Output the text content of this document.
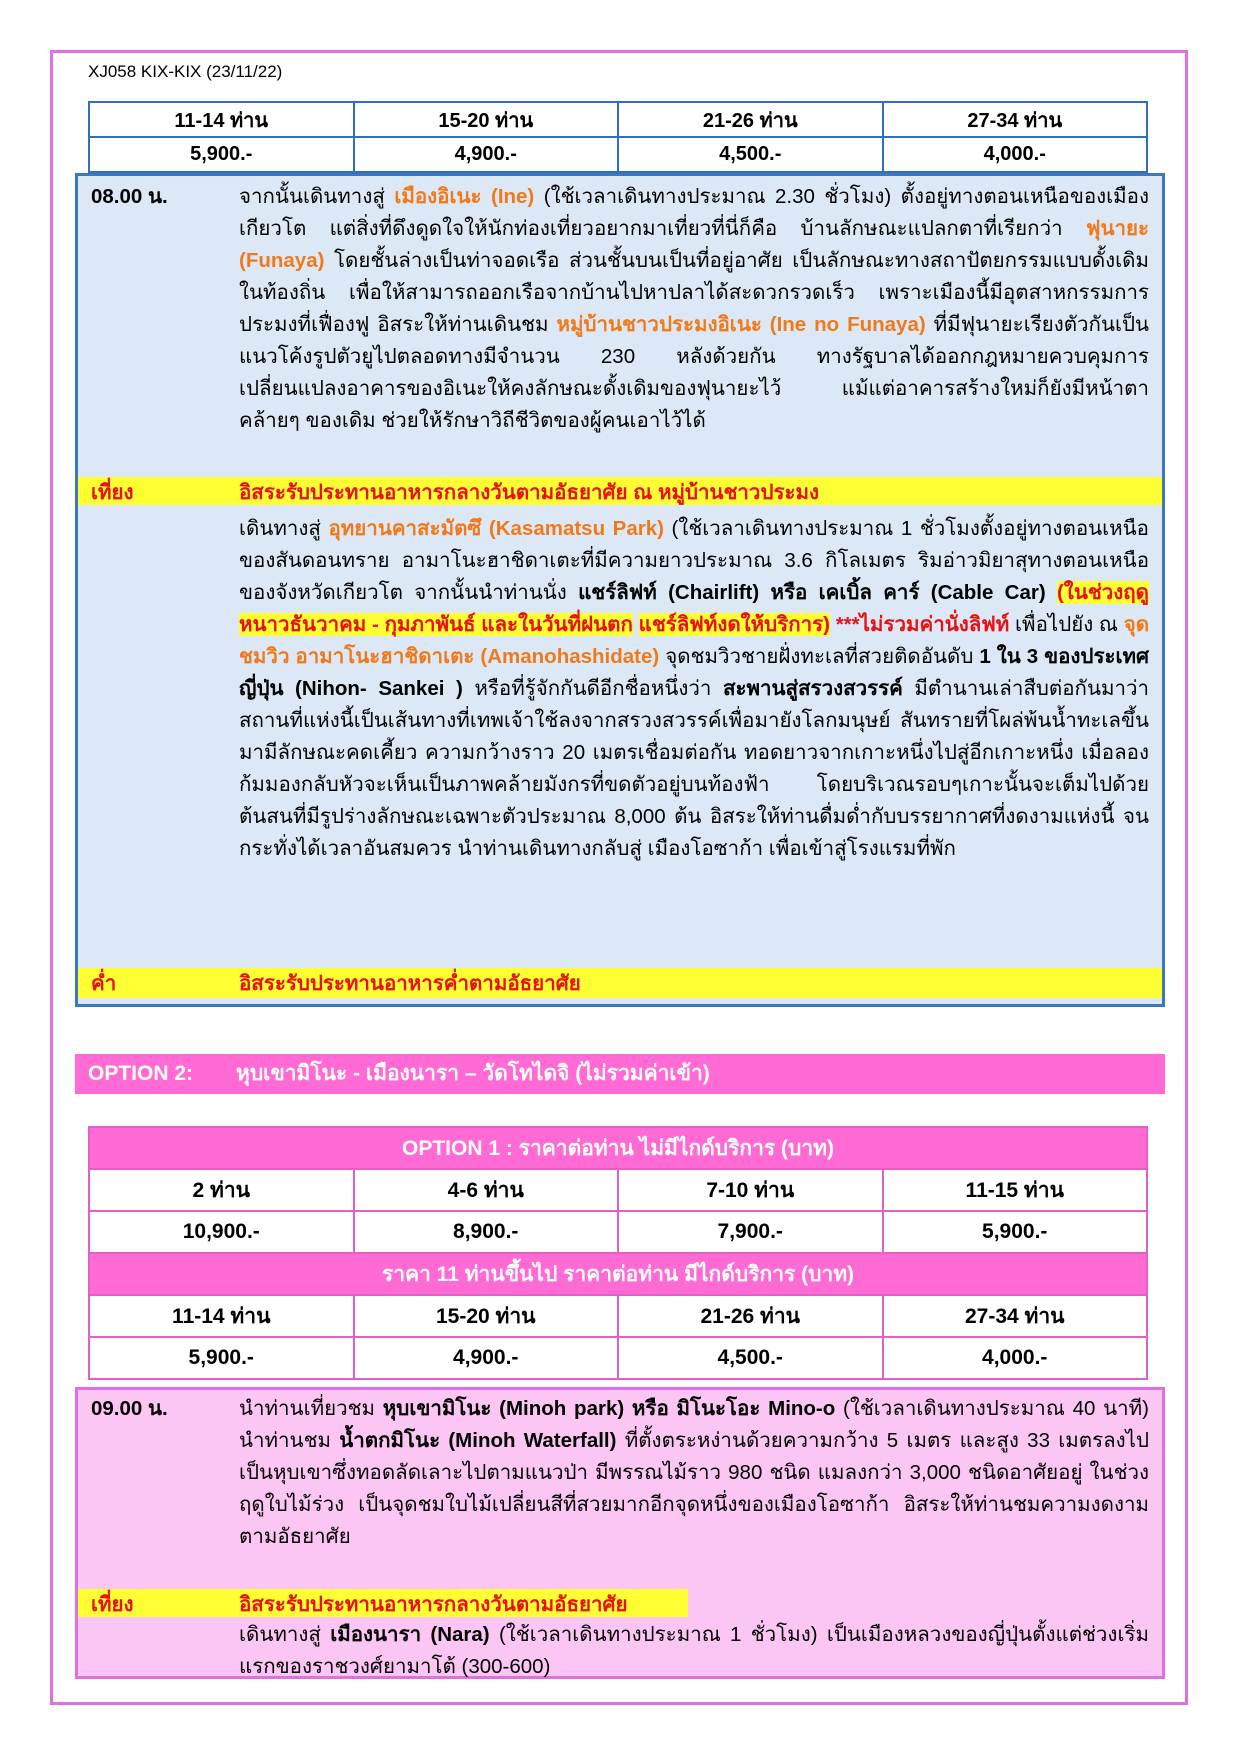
XJ058 KIX-KIX (23/11/22)
11-14 ท่าน	15-20 ท่าน	21-26 ท่าน	27-34 ท่าน
5,900.-	4,900.-	4,500.-	4,000.-
08.00 น.	จากนั้นเดินทางสู่ เมืองอิเนะ (Ine) (ใช้เวลาเดินทางประมาณ 2.30 ชั่วโมง) ตั้งอยู่ทางตอนเหนือของเมืองเกียวโต แต่สิ่งที่ดึงดูดใจให้นักท่องเที่ยวอยากมาเที่ยวที่นี่ก็คือ บ้านลักษณะแปลกตาที่เรียกว่า ฟุนายะ (Funaya) โดยชั้นล่างเป็นท่าจอดเรือ ส่วนชั้นบนเป็นที่อยู่อาศัย เป็นลักษณะทางสถาปัตยกรรมแบบดั้งเดิมในท้องถิ่น เพื่อให้สามารถออกเรือจากบ้านไปหาปลาได้สะดวกรวดเร็ว เพราะเมืองนี้มีอุตสาหกรรมการประมงที่เฟื่องฟู อิสระให้ท่านเดินชม หมู่บ้านชาวประมงอิเนะ (Ine no Funaya) ที่มีฟุนายะเรียงตัวกันเป็นแนวโค้งรูปตัวยูไปตลอดทางมีจำนวน 230 หลังด้วยกัน ทางรัฐบาลได้ออกกฎหมายควบคุมการเปลี่ยนแปลงอาคารของอิเนะให้คงลักษณะดั้งเดิมของฟุนายะไว้ แม้แต่อาคารสร้างใหม่ก็ยังมีหน้าตาคล้ายๆ ของเดิม ช่วยให้รักษาวิถีชีวิตของผู้คนเอาไว้ได้
เที่ยง	อิสระรับประทานอาหารกลางวันตามอัธยาศัย ณ หมู่บ้านชาวประมง
เดินทางสู่ อุทยานคาสะมัตซึ (Kasamatsu Park) (ใช้เวลาเดินทางประมาณ 1 ชั่วโมงตั้งอยู่ทางตอนเหนือของสันดอนทราย อามาโนะฮาชิดาเตะที่มีความยาวประมาณ 3.6 กิโลเมตร ริมอ่าวมิยาสุทางตอนเหนือของจังหวัดเกียวโต จากนั้นนำท่านนั่ง แชร์ลิฟท์ (Chairlift) หรือ เคเบิ้ล คาร์ (Cable Car) (ในช่วงฤดูหนาวธันวาคม - กุมภาพันธ์ และในวันที่ฝนตก แชร์ลิฟท์งดให้บริการ) ***ไม่รวมค่านั่งลิฟท์ เพื่อไปยัง ณ จุดชมวิว อามาโนะฮาชิดาเตะ (Amanohashidate) จุดชมวิวชายฝั่งทะเลที่สวยติดอันดับ 1 ใน 3 ของประเทศญี่ปุ่น (Nihon- Sankei ) หรือที่รู้จักกันดีอีกชื่อหนึ่งว่า สะพานสู่สรวงสวรรค์ มีตำนานเล่าสืบต่อกันมาว่าสถานที่แห่งนี้เป็นเส้นทางที่เทพเจ้าใช้ลงจากสรวงสวรรค์เพื่อมายังโลกมนุษย์ สันทรายที่โผล่พ้นน้ำทะเลขึ้นมามีลักษณะคดเคี้ยว ความกว้างราว 20 เมตรเชื่อมต่อกัน ทอดยาวจากเกาะหนึ่งไปสู่อีกเกาะหนึ่ง เมื่อลองก้มมองกลับหัวจะเห็นเป็นภาพคล้ายมังกรที่ขดตัวอยู่บนท้องฟ้า โดยบริเวณรอบๆเกาะนั้นจะเต็มไปด้วยต้นสนที่มีรูปร่างลักษณะเฉพาะตัวประมาณ 8,000 ต้น อิสระให้ท่านดื่มด่ำกับบรรยากาศที่งดงามแห่งนี้ จนกระทั่งได้เวลาอันสมควร นำท่านเดินทางกลับสู่ เมืองโอซาก้า เพื่อเข้าสู่โรงแรมที่พัก
ค่ำ	อิสระรับประทานอาหารค่ำตามอัธยาศัย
OPTION 2: หุบเขามิโนะ - เมืองนารา – วัดโทไดจิ (ไม่รวมค่าเข้า)
OPTION 1 : ราคาต่อท่าน ไม่มีไกด์บริการ (บาท)			
2 ท่าน	4-6 ท่าน	7-10 ท่าน	11-15 ท่าน
10,900.-	8,900.-	7,900.-	5,900.-
ราคา 11 ท่านขึ้นไป ราคาต่อท่าน มีไกด์บริการ (บาท)			
11-14 ท่าน	15-20 ท่าน	21-26 ท่าน	27-34 ท่าน
5,900.-	4,900.-	4,500.-	4,000.-
09.00 น.	นำท่านเที่ยวชม หุบเขามิโนะ (Minoh park) หรือ มิโนะโอะ Mino-o (ใช้เวลาเดินทางประมาณ 40 นาที) นำท่านชม น้ำตกมิโนะ (Minoh Waterfall) ที่ตั้งตระหง่านด้วยความกว้าง 5 เมตร และสูง 33 เมตรลงไปเป็นหุบเขาซึ่งทอดลัดเลาะไปตามแนวป่า มีพรรณไม้ราว 980 ชนิด แมลงกว่า 3,000 ชนิดอาศัยอยู่ ในช่วงฤดูใบไม้ร่วง เป็นจุดชมใบไม้เปลี่ยนสีที่สวยมากอีกจุดหนึ่งของเมืองโอซาก้า อิสระให้ท่านชมความงดงามตามอัธยาศัย
เที่ยง	อิสระรับประทานอาหารกลางวันตามอัธยาศัย
เดินทางสู่ เมืองนารา (Nara) (ใช้เวลาเดินทางประมาณ 1 ชั่วโมง) เป็นเมืองหลวงของญี่ปุ่นตั้งแต่ช่วงเริ่มแรกของราชวงศ์ยามาโต้ (300-600)
